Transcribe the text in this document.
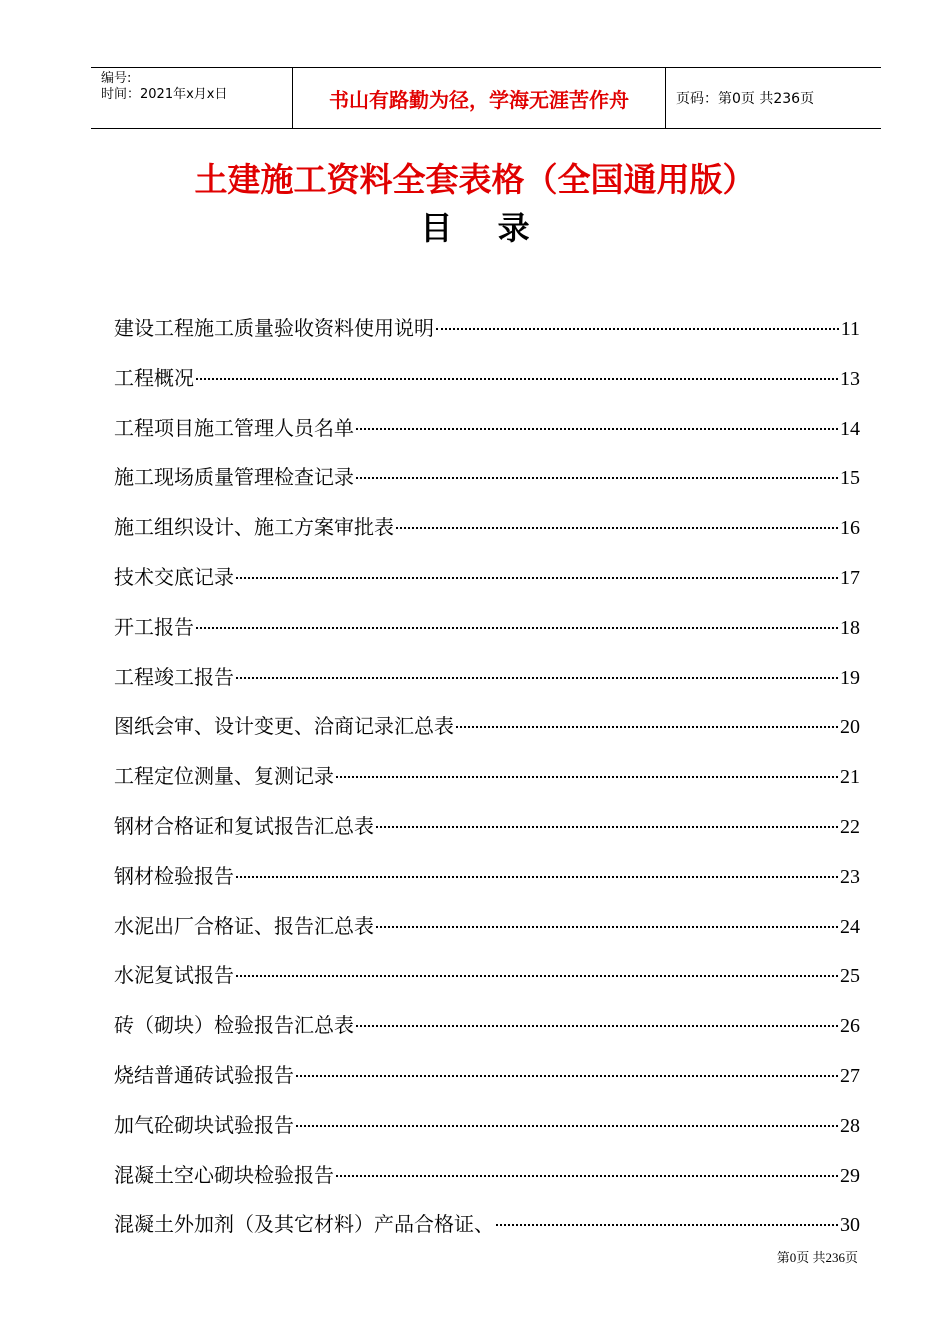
编号:
时间：2021年x月x日	书山有路勤为径，学海无涯苦作舟	页码：第0页 共236页
土建施工资料全套表格（全国通用版）
目 录
建设工程施工质量验收资料使用说明	11
工程概况	13
工程项目施工管理人员名单	14
施工现场质量管理检查记录	15
施工组织设计、施工方案审批表	16
技术交底记录	17
开工报告	18
工程竣工报告	19
图纸会审、设计变更、洽商记录汇总表	20
工程定位测量、复测记录	21
钢材合格证和复试报告汇总表	22
钢材检验报告	23
水泥出厂合格证、报告汇总表	24
水泥复试报告	25
砖（砌块）检验报告汇总表	26
烧结普通砖试验报告	27
加气砼砌块试验报告	28
混凝土空心砌块检验报告	29
混凝土外加剂（及其它材料）产品合格证、	30
第0页 共236页
